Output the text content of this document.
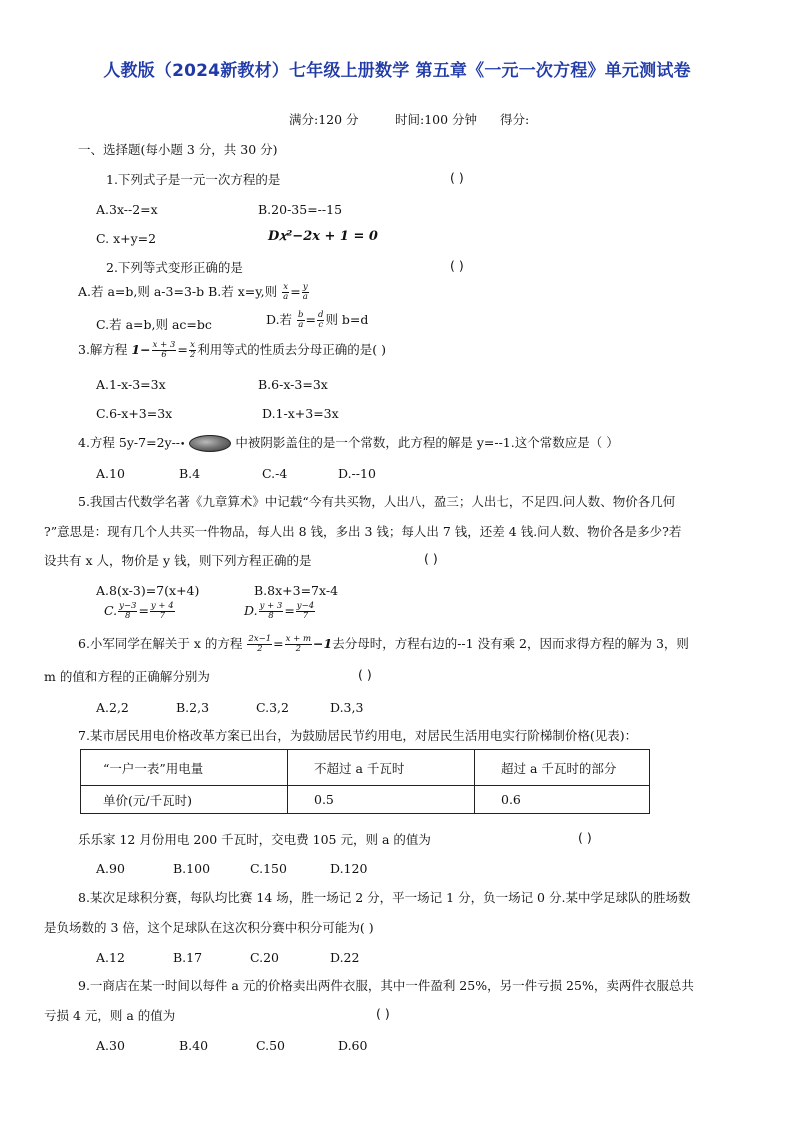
人教版（2024新教材）七年级上册数学 第五章《一元一次方程》单元测试卷
满分:120 分	时间:100 分钟 得分:
一、选择题(每小题 3 分，共 30 分)
1.下列式子是一元一次方程的是	( )
A.3x--2=x	B.20-35=--15
C. x+y=2	D𝑥²−2x + 1 = 0
2.下列等式变形正确的是	( )
A.若 a=b,则 a-3=3-b B.若 x=y,则 $\frac{x}{a} = \frac{y}{a}$
C.若 a=b,则 ac=bc	D.若 $\frac{b}{a} = \frac{d}{c}$ 则 b=d
3.解方程 $1- \frac{x + 3}{6} = \frac{x}{2}$ 利用等式的性质去分母正确的是( )
A.1-x-3=3x	B.6-x-3=3x
C.6-x+3=3x	D.1-x+3=3x
4.方程 5y-7=2y--•	中被阴影盖住的是一个常数，此方程的解是 y=--1.这个常数应是（ ）
A.10	B.4	C.-4	D.--10
5.我国古代数学名著《九章算术》中记载“今有共买物，人出八，盈三；人出七，不足四.问人数、物价各几何
?”意思是：现有几个人共买一件物品，每人出 8 钱，多出 3 钱；每人出 7 钱，还差 4 钱.问人数、物价各是多少?若
设共有 x 人，物价是 y 钱，则下列方程正确的是	( )
A.8(x-3)=7(x+4)	B.8x+3=7x-4
C. $\frac{y-3}{8} = \frac{y + 4}{7}$	D. $\frac{y + 3}{8} = \frac{y-4}{7}$
6.小军同学在解关于 x 的方程 $\frac{2x-1}{2} = \frac{x + m}{2} -1$去分母时，方程右边的--1 没有乘 2，因而求得方程的解为 3，则
m 的值和方程的正确解分别为	( )
A.2,2	B.2,3	C.3,2	D.3,3
7.某市居民用电价格改革方案已出台，为鼓励居民节约用电，对居民生活用电实行阶梯制价格(见表)：
“一户一表”用电量	不超过 a 千瓦时	超过 a 千瓦时的部分
单价(元/千瓦时)	0.5	0.6
乐乐家 12 月份用电 200 千瓦时，交电费 105 元，则 a 的值为	( )
A.90	B.100	C.150	D.120
8.某次足球积分赛，每队均比赛 14 场，胜一场记 2 分，平一场记 1 分，负一场记 0 分.某中学足球队的胜场数
是负场数的 3 倍，这个足球队在这次积分赛中积分可能为( )
A.12	B.17	C.20	D.22
9.一商店在某一时间以每件 a 元的价格卖出两件衣服，其中一件盈利 25%，另一件亏损 25%，卖两件衣服总共
亏损 4 元，则 a 的值为	( )
A.30	B.40	C.50	D.60
